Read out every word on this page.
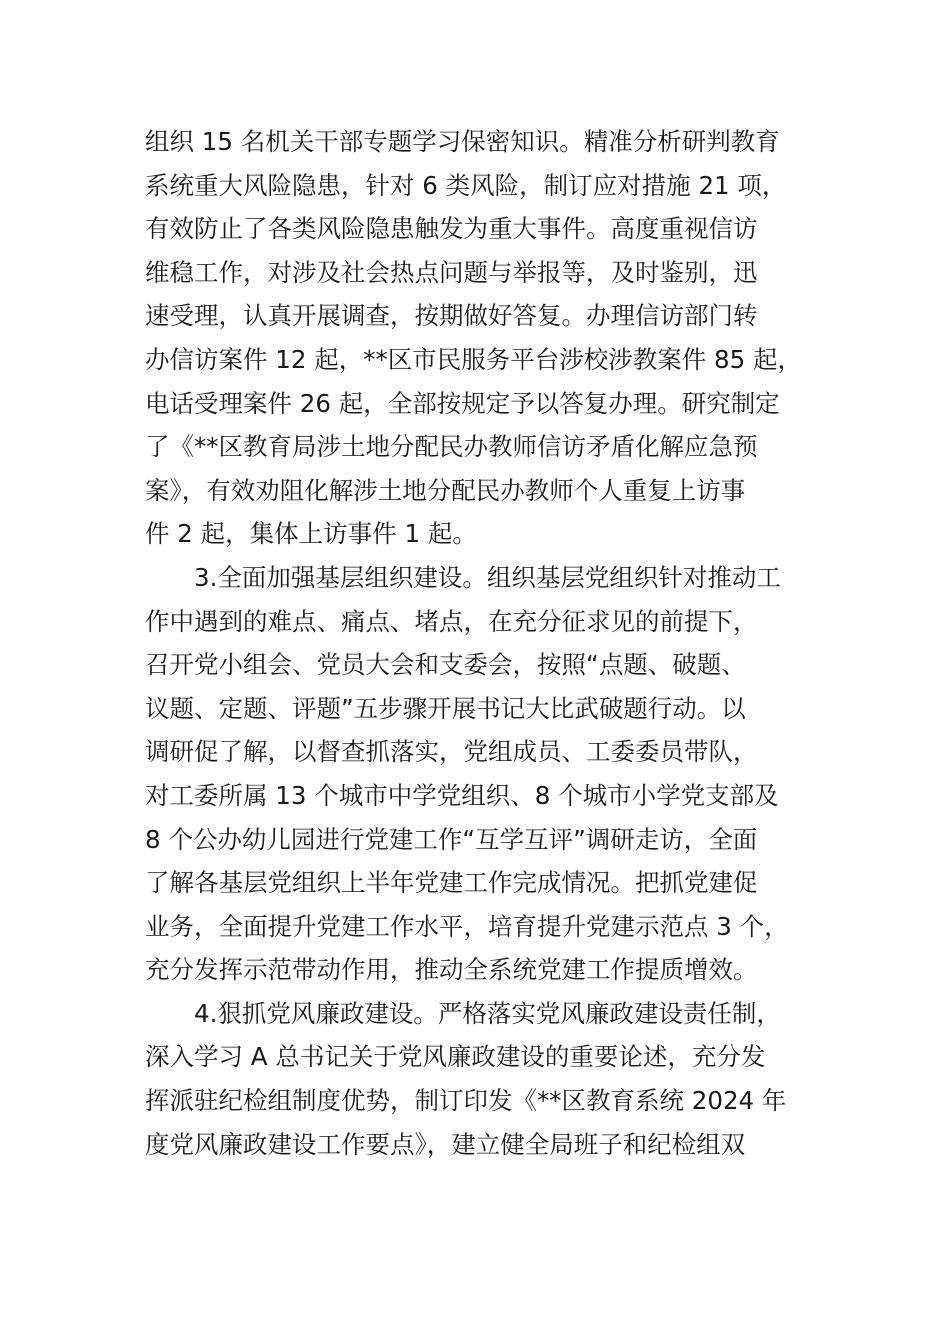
组织 15 名机关干部专题学习保密知识。精准分析研判教育
系统重大风险隐患，针对 6 类风险，制订应对措施 21 项，
有效防止了各类风险隐患触发为重大事件。高度重视信访
维稳工作，对涉及社会热点问题与举报等，及时鉴别，迅
速受理，认真开展调查，按期做好答复。办理信访部门转
办信访案件 12 起，**区市民服务平台涉校涉教案件 85 起，
电话受理案件 26 起，全部按规定予以答复办理。研究制定
了《**区教育局涉土地分配民办教师信访矛盾化解应急预
案》，有效劝阻化解涉土地分配民办教师个人重复上访事
件 2 起，集体上访事件 1 起。
3.全面加强基层组织建设。组织基层党组织针对推动工
作中遇到的难点、痛点、堵点，在充分征求见的前提下，
召开党小组会、党员大会和支委会，按照“点题、破题、
议题、定题、评题”五步骤开展书记大比武破题行动。以
调研促了解，以督查抓落实，党组成员、工委委员带队，
对工委所属 13 个城市中学党组织、8 个城市小学党支部及
8 个公办幼儿园进行党建工作“互学互评”调研走访，全面
了解各基层党组织上半年党建工作完成情况。把抓党建促
业务，全面提升党建工作水平，培育提升党建示范点 3 个，
充分发挥示范带动作用，推动全系统党建工作提质增效。
4.狠抓党风廉政建设。严格落实党风廉政建设责任制，
深入学习 A 总书记关于党风廉政建设的重要论述，充分发
挥派驻纪检组制度优势，制订印发《**区教育系统 2024 年
度党风廉政建设工作要点》，建立健全局班子和纪检组双
